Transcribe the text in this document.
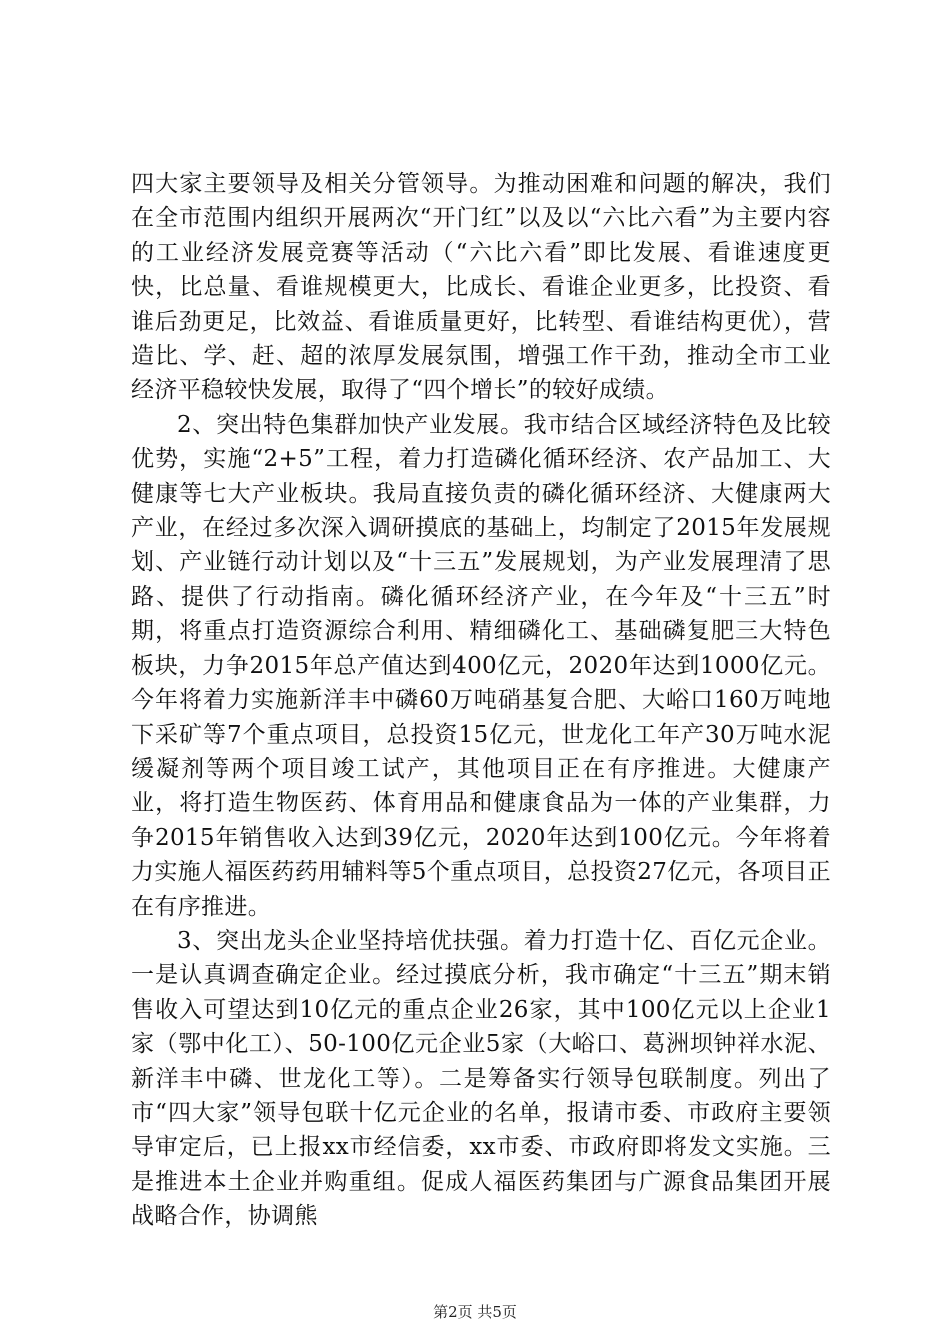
四大家主要领导及相关分管领导。为推动困难和问题的解决，我们在全市范围内组织开展两次“开门红”以及以“六比六看”为主要内容的工业经济发展竞赛等活动（“六比六看”即比发展、看谁速度更快，比总量、看谁规模更大，比成长、看谁企业更多，比投资、看谁后劲更足，比效益、看谁质量更好，比转型、看谁结构更优），营造比、学、赶、超的浓厚发展氛围，增强工作干劲，推动全市工业经济平稳较快发展，取得了“四个增长”的较好成绩。

2、突出特色集群加快产业发展。我市结合区域经济特色及比较优势，实施“2+5”工程，着力打造磷化循环经济、农产品加工、大健康等七大产业板块。我局直接负责的磷化循环经济、大健康两大产业，在经过多次深入调研摸底的基础上，均制定了2015年发展规划、产业链行动计划以及“十三五”发展规划，为产业发展理清了思路、提供了行动指南。磷化循环经济产业，在今年及“十三五”时期，将重点打造资源综合利用、精细磷化工、基础磷复肥三大特色板块，力争2015年总产值达到400亿元，2020年达到1000亿元。今年将着力实施新洋丰中磷60万吨硝基复合肥、大峪口160万吨地下采矿等7个重点项目，总投资15亿元，世龙化工年产30万吨水泥缓凝剂等两个项目竣工试产，其他项目正在有序推进。大健康产业，将打造生物医药、体育用品和健康食品为一体的产业集群，力争2015年销售收入达到39亿元，2020年达到100亿元。今年将着力实施人福医药药用辅料等5个重点项目，总投资27亿元，各项目正在有序推进。

3、突出龙头企业坚持培优扶强。着力打造十亿、百亿元企业。一是认真调查确定企业。经过摸底分析，我市确定“十三五”期末销售收入可望达到10亿元的重点企业26家，其中100亿元以上企业1家（鄂中化工）、50-100亿元企业5家（大峪口、葛洲坝钟祥水泥、新洋丰中磷、世龙化工等）。二是筹备实行领导包联制度。列出了市“四大家”领导包联十亿元企业的名单，报请市委、市政府主要领导审定后，已上报xx市经信委，xx市委、市政府即将发文实施。三是推进本土企业并购重组。促成人福医药集团与广源食品集团开展战略合作，协调熊

第2页 共5页
